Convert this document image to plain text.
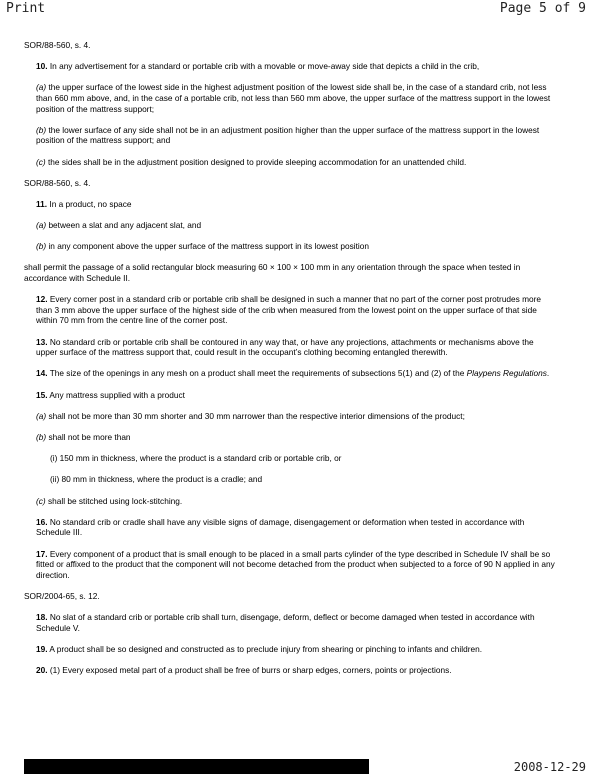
Print	Page 5 of 9

SOR/88-560, s. 4.

10. In any advertisement for a standard or portable crib with a movable or move-away side that depicts a child in the crib,

(a) the upper surface of the lowest side in the highest adjustment position of the lowest side shall be, in the case of a standard crib, not less than 660 mm above, and, in the case of a portable crib, not less than 560 mm above, the upper surface of the mattress support in the lowest position of the mattress support;

(b) the lower surface of any side shall not be in an adjustment position higher than the upper surface of the mattress support in the lowest position of the mattress support; and

(c) the sides shall be in the adjustment position designed to provide sleeping accommodation for an unattended child.

SOR/88-560, s. 4.

11. In a product, no space

(a) between a slat and any adjacent slat, and

(b) in any component above the upper surface of the mattress support in its lowest position

shall permit the passage of a solid rectangular block measuring 60 × 100 × 100 mm in any orientation through the space when tested in accordance with Schedule II.

12. Every corner post in a standard crib or portable crib shall be designed in such a manner that no part of the corner post protrudes more than 3 mm above the upper surface of the highest side of the crib when measured from the lowest point on the upper surface of that side within 70 mm from the centre line of the corner post.

13. No standard crib or portable crib shall be contoured in any way that, or have any projections, attachments or mechanisms above the upper surface of the mattress support that, could result in the occupant’s clothing becoming entangled therewith.

14. The size of the openings in any mesh on a product shall meet the requirements of subsections 5(1) and (2) of the Playpens Regulations.

15. Any mattress supplied with a product

(a) shall not be more than 30 mm shorter and 30 mm narrower than the respective interior dimensions of the product;

(b) shall not be more than

(i) 150 mm in thickness, where the product is a standard crib or portable crib, or

(ii) 80 mm in thickness, where the product is a cradle; and

(c) shall be stitched using lock-stitching.

16. No standard crib or cradle shall have any visible signs of damage, disengagement or deformation when tested in accordance with Schedule III.

17. Every component of a product that is small enough to be placed in a small parts cylinder of the type described in Schedule IV shall be so fitted or affixed to the product that the component will not become detached from the product when subjected to a force of 90 N applied in any direction.

SOR/2004-65, s. 12.

18. No slat of a standard crib or portable crib shall turn, disengage, deform, deflect or become damaged when tested in accordance with Schedule V.

19. A product shall be so designed and constructed as to preclude injury from shearing or pinching to infants and children.

20. (1) Every exposed metal part of a product shall be free of burrs or sharp edges, corners, points or projections.

2008-12-29
